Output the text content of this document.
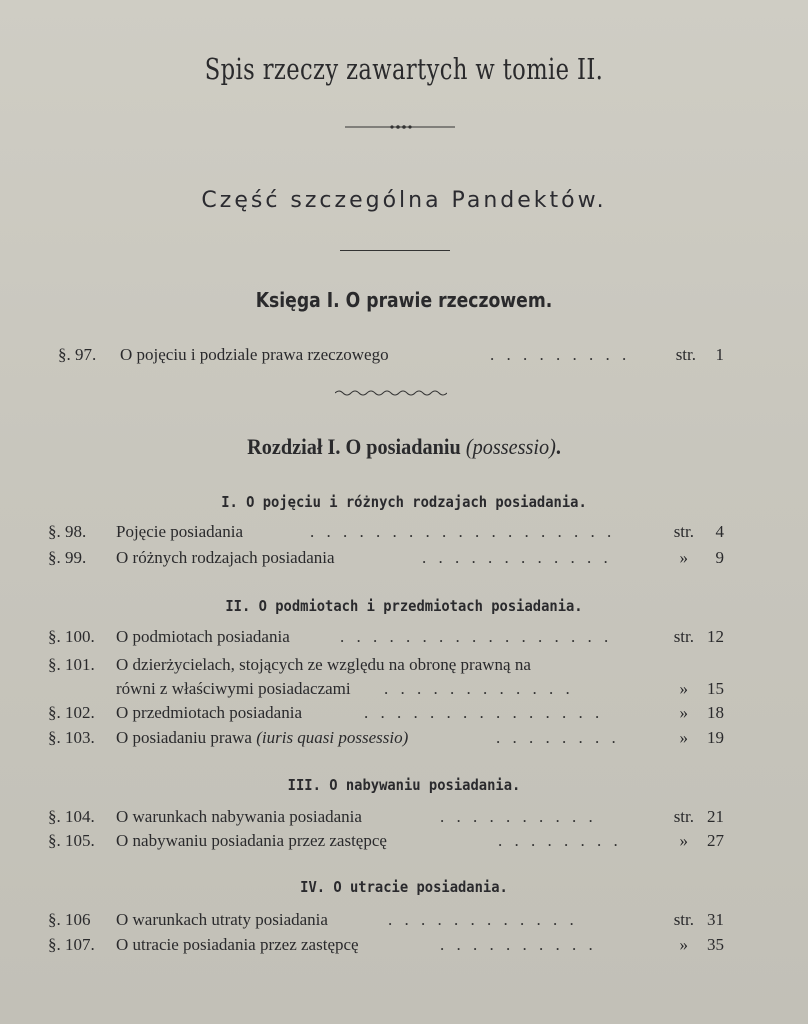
Spis rzeczy zawartych w tomie II.
Część szczególna Pandektów.
Księga I. O prawie rzeczowem.
§. 97.	O pojęciu i podziale prawa rzeczowego	. . . . . . . . .	str. 1
Rozdział I. O posiadaniu (possessio).
I. O pojęciu i różnych rodzajach posiadania.
§. 98.	Pojęcie posiadania	. . . . . . . . . . . . . . . . . . .	str. 4
§. 99.	O różnych rodzajach posiadania	. . . . . . . . . . . .	» 9
II. O podmiotach i przedmiotach posiadania.
§. 100.	O podmiotach posiadania	. . . . . . . . . . . . . . . . .	str. 12
§. 101.	O dzierżycielach, stojących ze względu na obronę prawną na
równi z właściwymi posiadaczami . . . . . . . . . . . .	» 15
§. 102.	O przedmiotach posiadania	. . . . . . . . . . . . . . .	» 18
§. 103.	O posiadaniu prawa (iuris quasi possessio)	. . . . . . . .	» 19
III. O nabywaniu posiadania.
§. 104.	O warunkach nabywania posiadania	. . . . . . . . . .	str. 21
§. 105.	O nabywaniu posiadania przez zastępcę	. . . . . . . .	» 27
IV. O utracie posiadania.
§. 106	O warunkach utraty posiadania	. . . . . . . . . . . .	str. 31
§. 107.	O utracie posiadania przez zastępcę	. . . . . . . . . .	» 35
